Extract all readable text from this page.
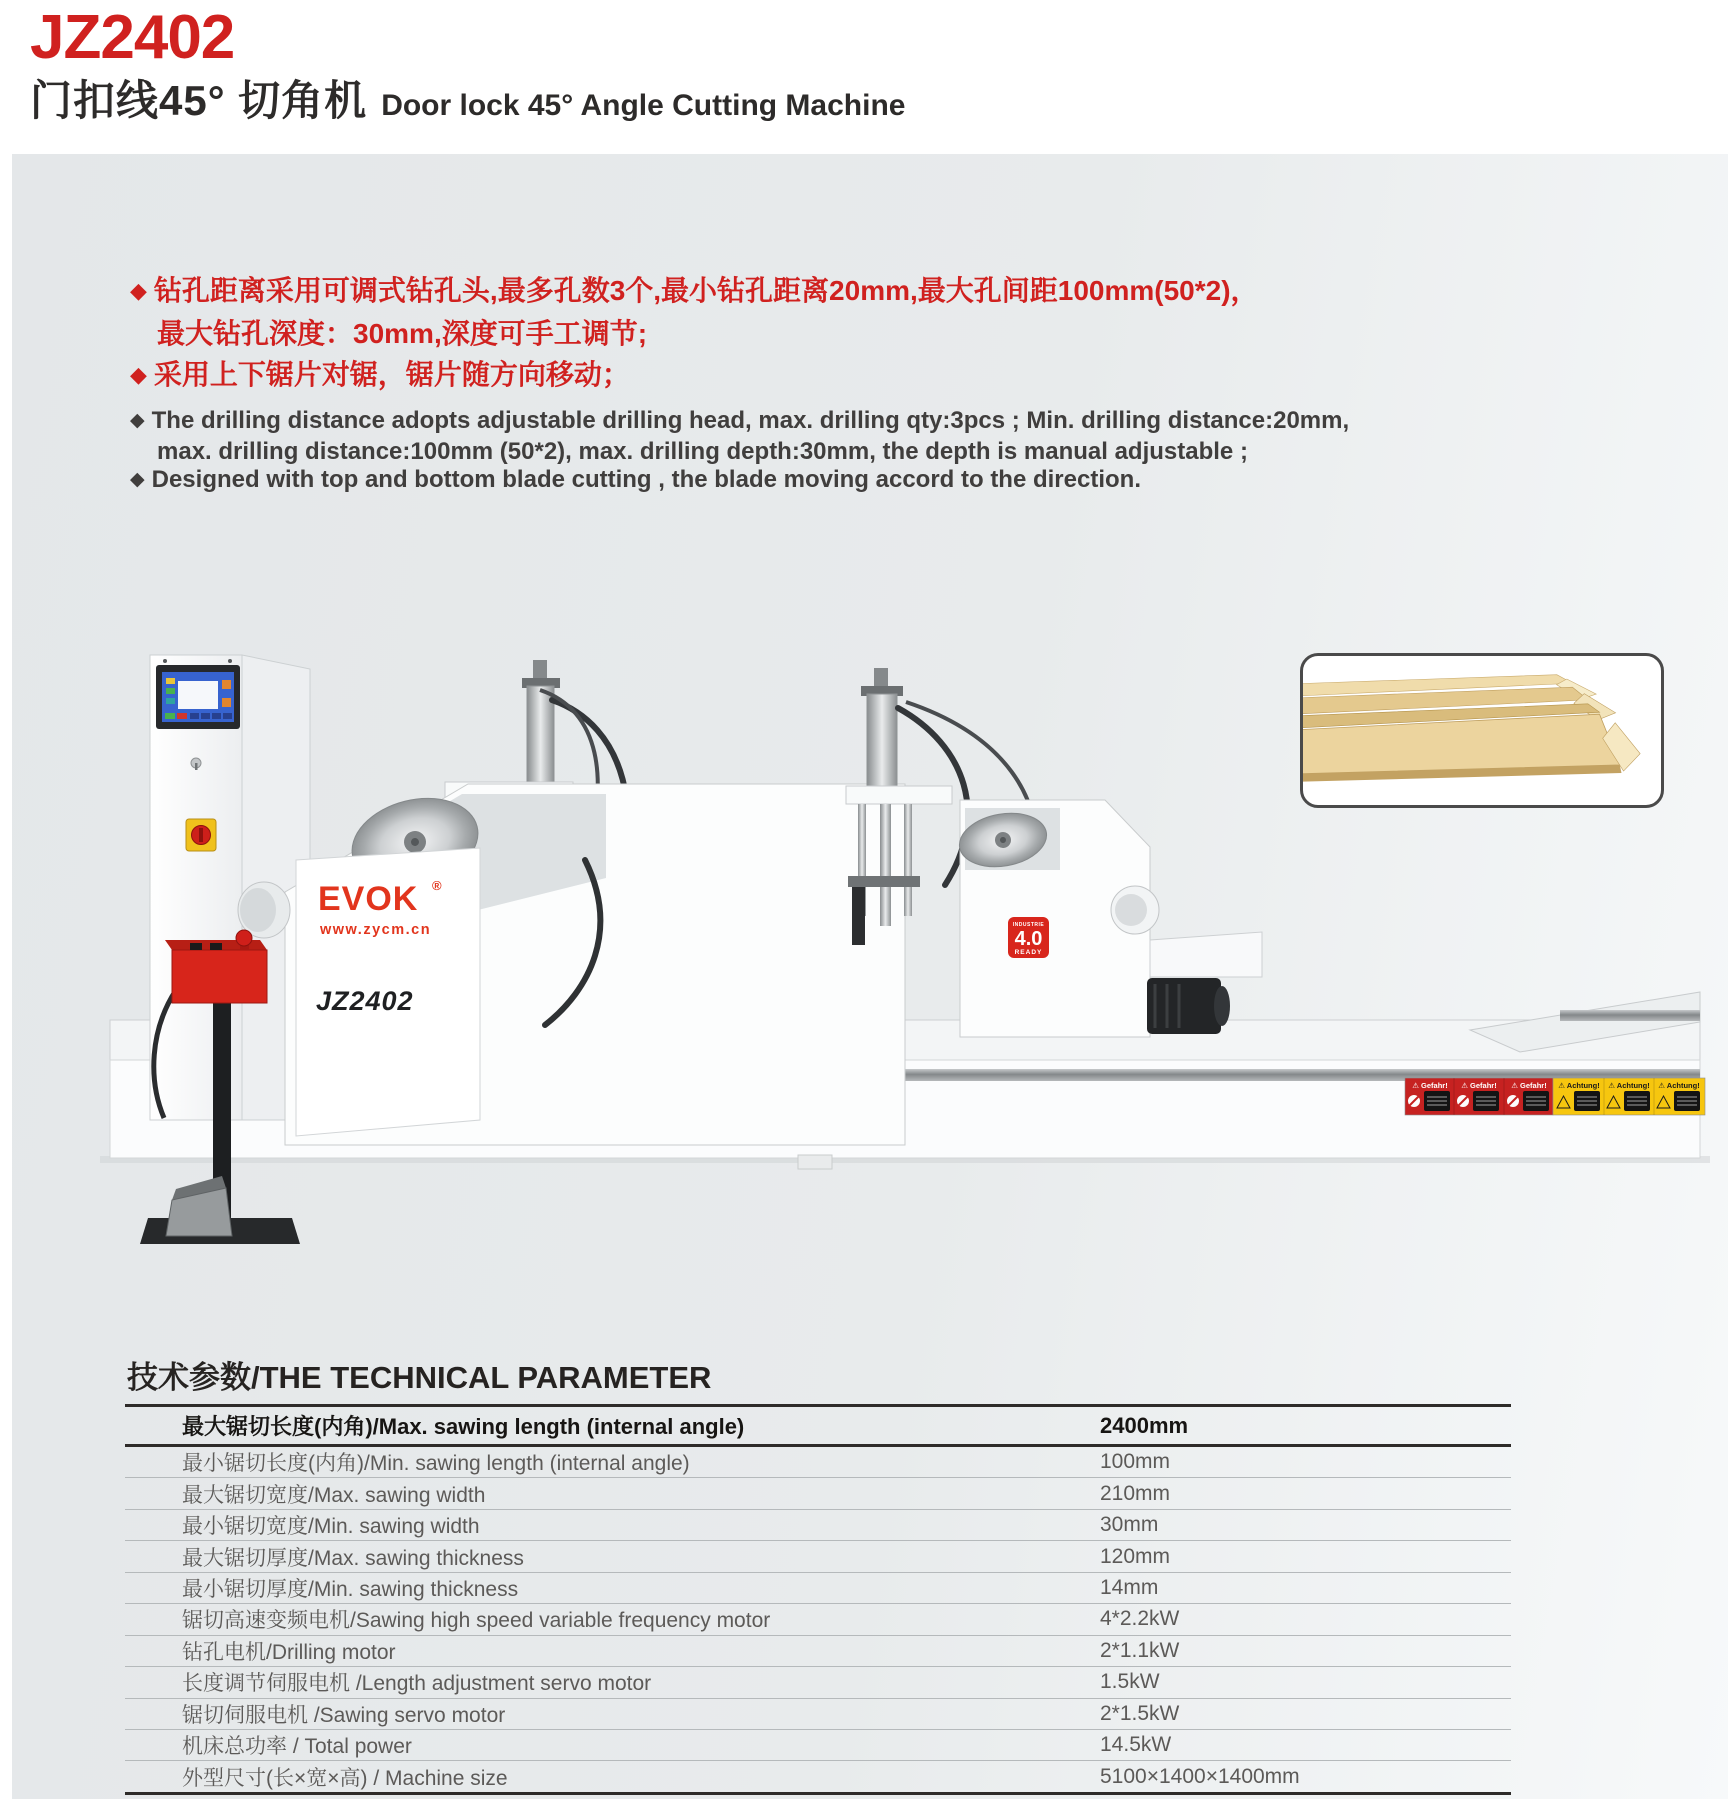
JZ2402
门扣线45° 切角机 Door lock 45° Angle Cutting Machine
◆ 钻孔距离采用可调式钻孔头,最多孔数3个,最小钻孔距离20mm,最大孔间距100mm(50*2)，
最大钻孔深度：30mm,深度可手工调节;
◆ 采用上下锯片对锯，锯片随方向移动；
◆ The drilling distance adopts adjustable drilling head, max. drilling qty:3pcs ; Min. drilling distance:20mm,
max. drilling distance:100mm (50*2), max. drilling depth:30mm, the depth is manual adjustable ;
◆ Designed with top and bottom blade cutting , the blade moving accord to the direction.
EVOK ®
www.zycm.cn
JZ2402
INDUSTRIE
4.0
READY
⚠ Gefahr! ⚠ Gefahr! ⚠ Gefahr! ⚠ Achtung! ⚠ Achtung! ⚠ Achtung!
技术参数/THE TECHNICAL PARAMETER
最大锯切长度(内角)/Max. sawing length (internal angle)	2400mm
最小锯切长度(内角)/Min. sawing length (internal angle)	100mm
最大锯切宽度/Max. sawing width	210mm
最小锯切宽度/Min. sawing width	30mm
最大锯切厚度/Max. sawing thickness	120mm
最小锯切厚度/Min. sawing thickness	14mm
锯切高速变频电机/Sawing high speed variable frequency motor	4*2.2kW
钻孔电机/Drilling motor	2*1.1kW
长度调节伺服电机 /Length adjustment servo motor	1.5kW
锯切伺服电机 /Sawing servo motor	2*1.5kW
机床总功率 / Total power	14.5kW
外型尺寸(长×宽×高) / Machine size	5100×1400×1400mm
